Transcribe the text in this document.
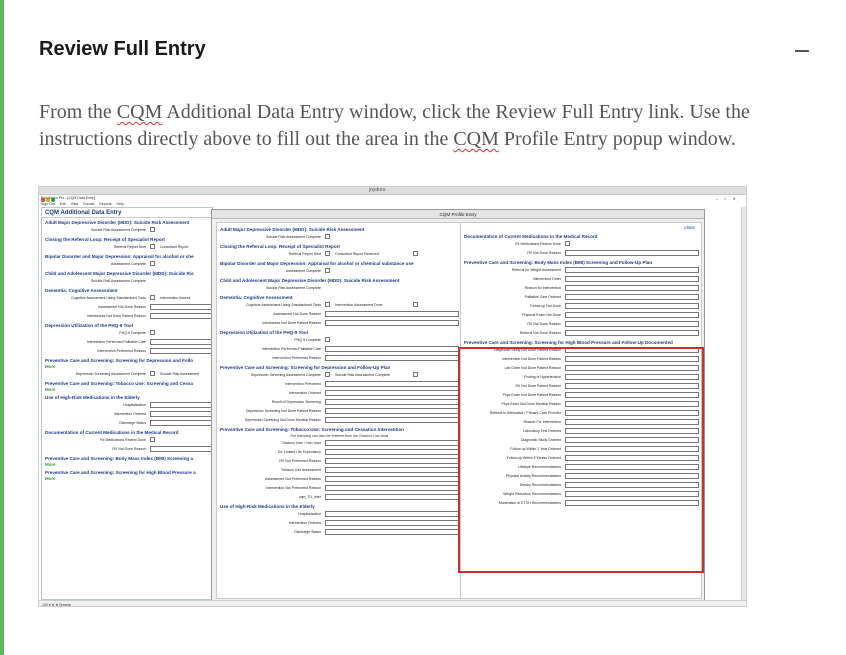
Review Full Entry

From the CQM Additional Data Entry window, click the Review Full Entry link. Use the instructions directly above to fill out the area in the CQM Profile Entry popup window.

joydoru
PhiloMator Pro - [CQM Data Entry]	–□✕
Sign Out Edit View Format Reports Help
CQM Additional Data Entry
Adult Major Depressive Disorder (MDD): Suicide Risk Assessment
Suicide Risk Assessment Complete
Closing the Referral Loop: Receipt of Specialist Report
Referral Report Sent	Consultant Report
Bipolar Disorder and Major Depression: Appraisal for alcohol or che
Assessment Complete
Child and Adolescent Major Depressive Disorder (MDD): Suicide Ris
Suicide Risk Assessment Complete
Dementia: Cognitive Assessment
Cognitive Assessment Using Standardized Tools	Intervention Assess
Assessment Not Done Reason
InterAssess Not Done Patient Reason
Depression Utilization of the PHQ-9 Tool
PHQ-9 Complete
Intervention Performed Palliative Care
Intervention Performed Reason
Preventive Care and Screening: Screening for Depression and Follo
More
Depression Screening Assessment Complete	Suicide Risk Assessment
Preventive Care and Screening: Tobacco Use: Screening and Cessa
More
Use of High-Risk Medications in the Elderly
Hospitalization
Intervention Ordered
Discharge Status
Documentation of Current Medications in the Medical Record
Rx Medications Review Done
RX Not Done Reason
Preventive Care and Screening: Body Mass Index (BMI) Screening a
More
Preventive Care and Screening: Screening for High Blood Pressure a
More
CQM Profile Entry
Adult Major Depressive Disorder (MDD): Suicide Risk Assessment
Suicide Risk Assessment Complete
Closing the Referral Loop: Receipt of Specialist Report
Referral Report Sent	Consultant Report Received
Bipolar Disorder and Major Depression: Appraisal for alcohol or chemical substance use
Assessment Complete
Child and Adolescent Major Depressive Disorder (MDD): Suicide Risk Assessment
Suicide Risk Assessment Complete
Dementia: Cognitive Assessment
Cognitive Assessment Using Standardized Tools	Intervention Assessment Done
Assessment Not Done Reason
InterAssess Not Done Patient Reason
Depression Utilization of the PHQ-9 Tool
PHQ-9 Complete
Intervention Performed Palliative Care
Intervention Performed Reason
Preventive Care and Screening: Screening for Depression and Follow-Up Plan
Depression Screening Assessment Complete	Suicide Risk Assessment Complete
Intervention Performed
Intervention Ordered
Result of Depression Screening
Depression Screening Not Done Patient Reason
Depression Screening Not Done Medical Reason
Preventive Care and Screening: Tobacco Use: Screening and Cessation Intervention
The following can also be entered from the Tobacco Use Area
Tobacco User / Non User
Dx. Limited Life Expectancy
RX Not Performed Reason
Tobacco Use Assessment
Assessment Not Performed Reason
Intervention Not Performed Reason
cqm_TU_Inter
Use of High-Risk Medications in the Elderly
Hospitalization
Intervention Ordered
Discharge Status
close
Documentation of Current Medications in the Medical Record
Rx Medications Review Done
RX Not Done Reason
Preventive Care and Screening: Body Mass Index (BMI) Screening and Follow-Up Plan
Referral for Weight Assessment
Intervention Order
Reason for Intervention
Palliative Care Ordered
Follow-up Not Done
Physical Exam Not Done
RX Not Done Reason
Referral Not Done Reason
Preventive Care and Screening: Screening for High Blood Pressure and Follow-Up Documented
Diagnostic Study Not Done Patient Reason
Intervention Not Done Patient Reason
Lab Order Not Done Patient Reason
Finding of Hypertension
RX Not Done Patient Reason
Phys Exam Not Done Patient Reason
Phys Exam Not Done Medical Reason
Referral to Alternative / Primary Care Provider
Reason For Intervention
Laboratory Test Ordered
Diagnostic Study Ordered
Follow-up Within 1 Year Ordered
Follow-up Within 4 Weeks Ordered
Lifestyle Recommendations
Physical Activity Recommendations
Dietary Recommendations
Weight Reduction Recommendations
Moderation of ETOH Recommendations
100 ▾ ⊖ ⊕ Browse
